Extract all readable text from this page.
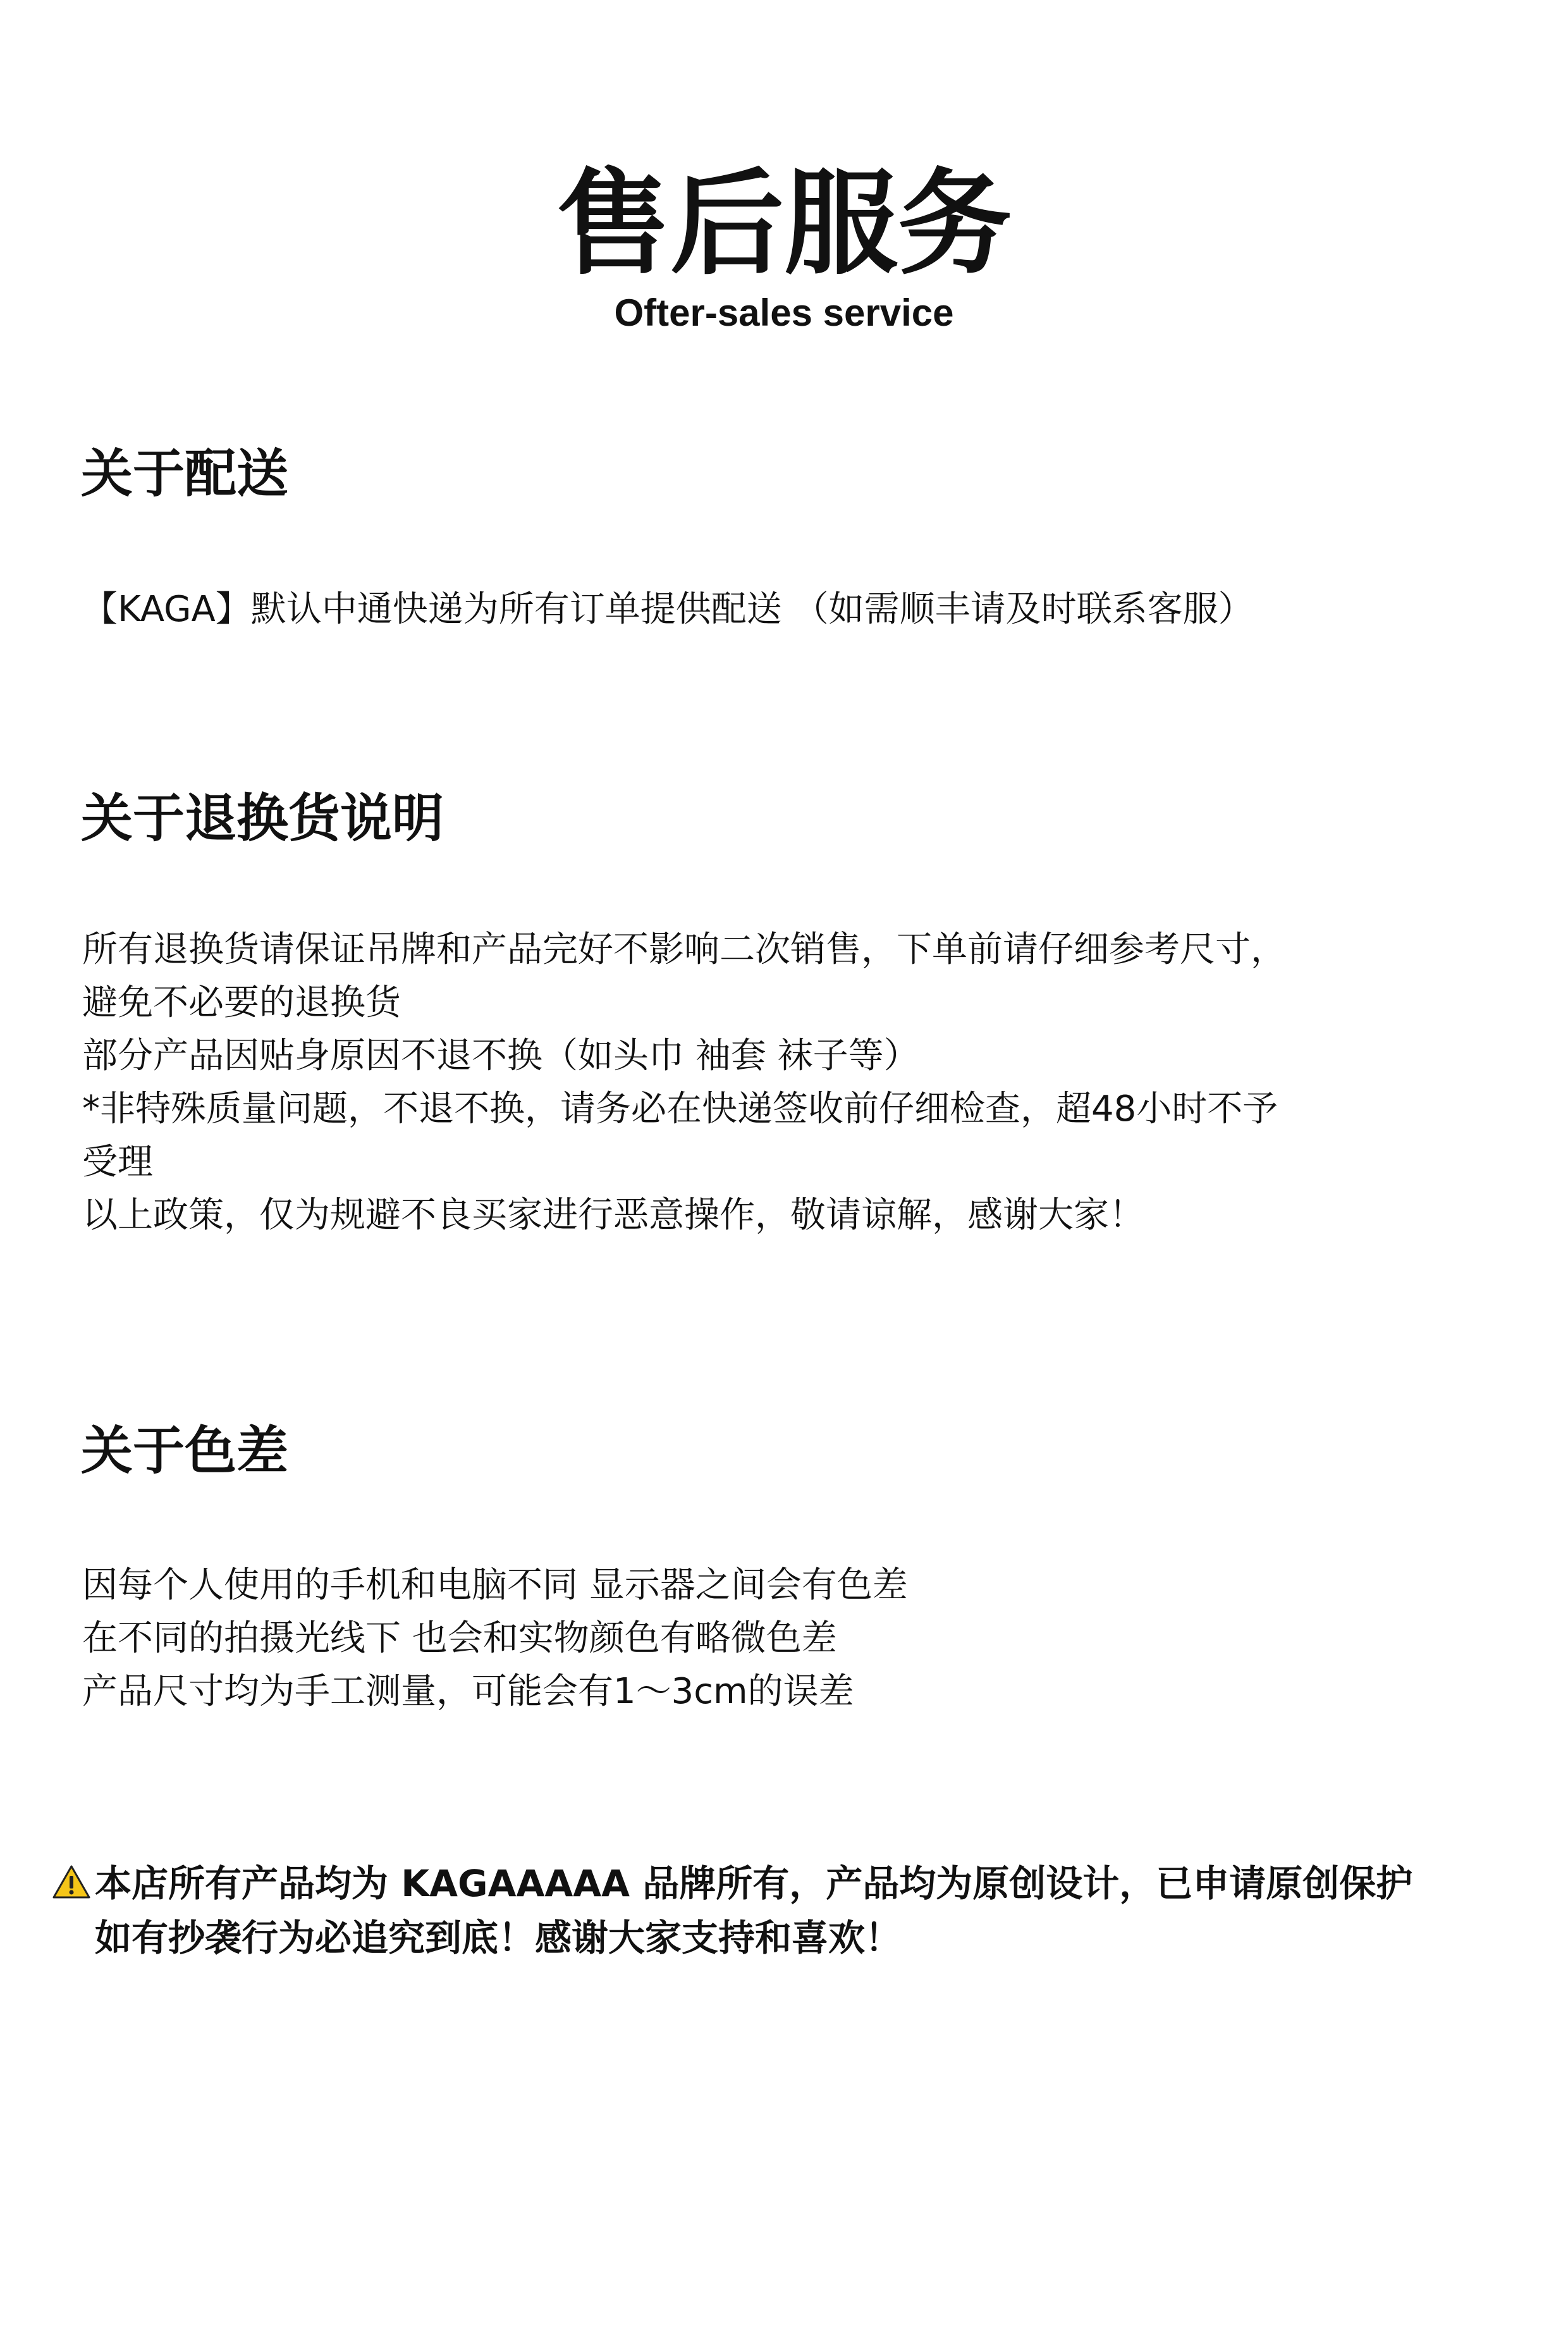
售后服务
Ofter-sales service
关于配送
【KAGA】默认中通快递为所有订单提供配送 （如需顺丰请及时联系客服）
关于退换货说明
所有退换货请保证吊牌和产品完好不影响二次销售，下单前请仔细参考尺寸，
避免不必要的退换货
部分产品因贴身原因不退不换（如头巾 袖套 袜子等）
*非特殊质量问题，不退不换，请务必在快递签收前仔细检查，超48小时不予
受理
以上政策，仅为规避不良买家进行恶意操作，敬请谅解，感谢大家！
关于色差
因每个人使用的手机和电脑不同 显示器之间会有色差
在不同的拍摄光线下 也会和实物颜色有略微色差
产品尺寸均为手工测量，可能会有1～3cm的误差
本店所有产品均为 KAGAAAAA 品牌所有，产品均为原创设计，已申请原创保护
如有抄袭行为必追究到底！感谢大家支持和喜欢！
